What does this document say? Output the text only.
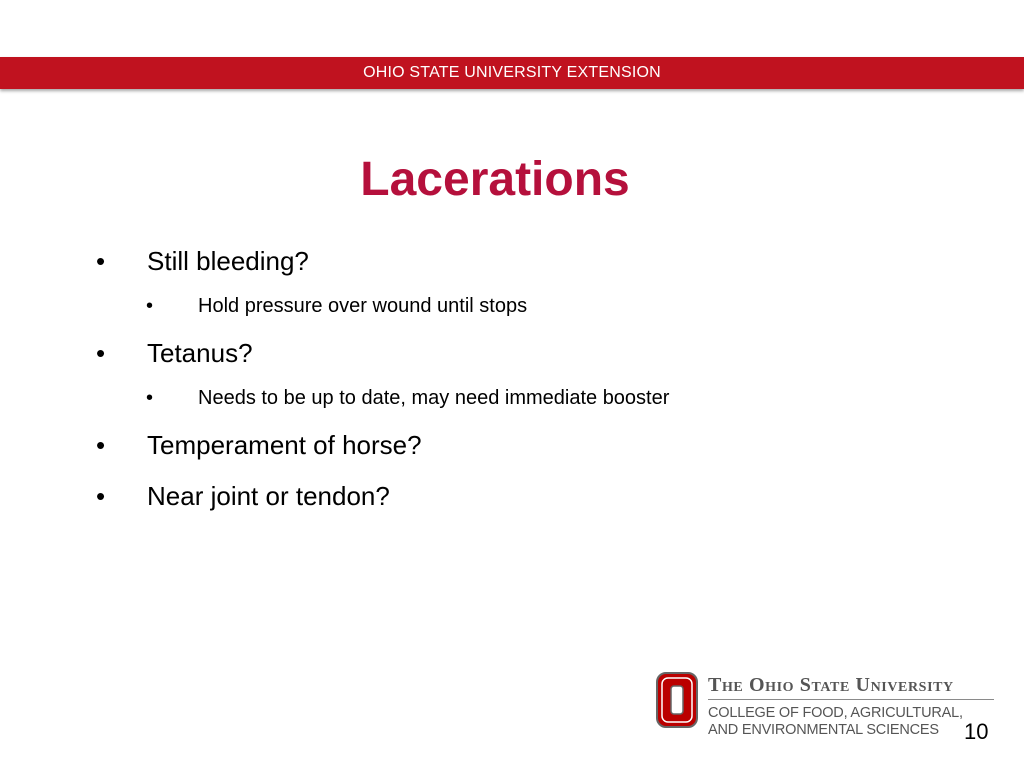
OHIO STATE UNIVERSITY EXTENSION
Lacerations
• Still bleeding?
• Hold pressure over wound until stops
• Tetanus?
• Needs to be up to date, may need immediate booster
• Temperament of horse?
• Near joint or tendon?
The Ohio State University
COLLEGE OF FOOD, AGRICULTURAL,
AND ENVIRONMENTAL SCIENCES	10
